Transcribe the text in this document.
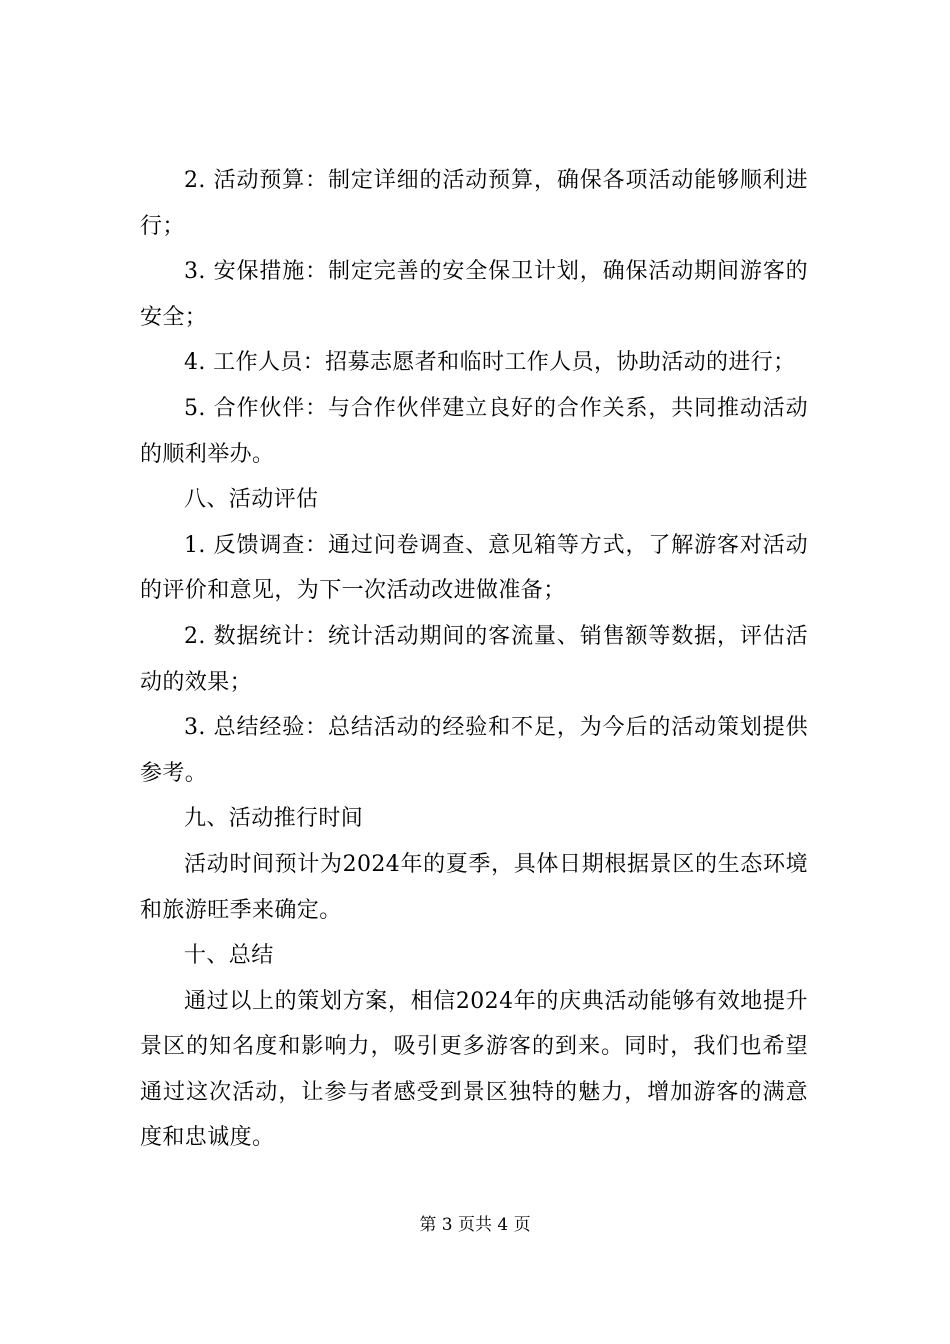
2. 活动预算：制定详细的活动预算，确保各项活动能够顺利进行；

3. 安保措施：制定完善的安全保卫计划，确保活动期间游客的安全；

4. 工作人员：招募志愿者和临时工作人员，协助活动的进行；

5. 合作伙伴：与合作伙伴建立良好的合作关系，共同推动活动的顺利举办。

八、活动评估

1. 反馈调查：通过问卷调查、意见箱等方式，了解游客对活动的评价和意见，为下一次活动改进做准备；

2. 数据统计：统计活动期间的客流量、销售额等数据，评估活动的效果；

3. 总结经验：总结活动的经验和不足，为今后的活动策划提供参考。

九、活动推行时间

活动时间预计为2024年的夏季，具体日期根据景区的生态环境和旅游旺季来确定。

十、总结

通过以上的策划方案，相信2024年的庆典活动能够有效地提升景区的知名度和影响力，吸引更多游客的到来。同时，我们也希望通过这次活动，让参与者感受到景区独特的魅力，增加游客的满意度和忠诚度。

第 3 页共 4 页
